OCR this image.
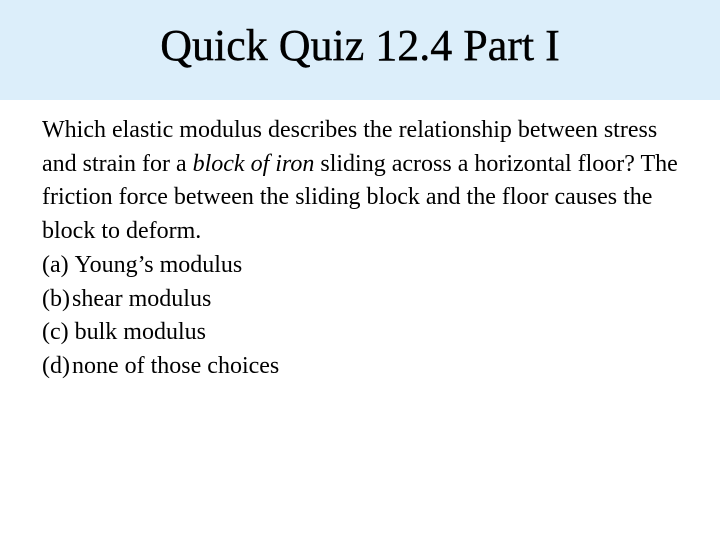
Quick Quiz 12.4 Part I

Which elastic modulus describes the relationship between stress and strain for a block of iron sliding across a horizontal floor? The friction force between the sliding block and the floor causes the block to deform.

(a) Young’s modulus
(b) shear modulus
(c) bulk modulus
(d) none of those choices
